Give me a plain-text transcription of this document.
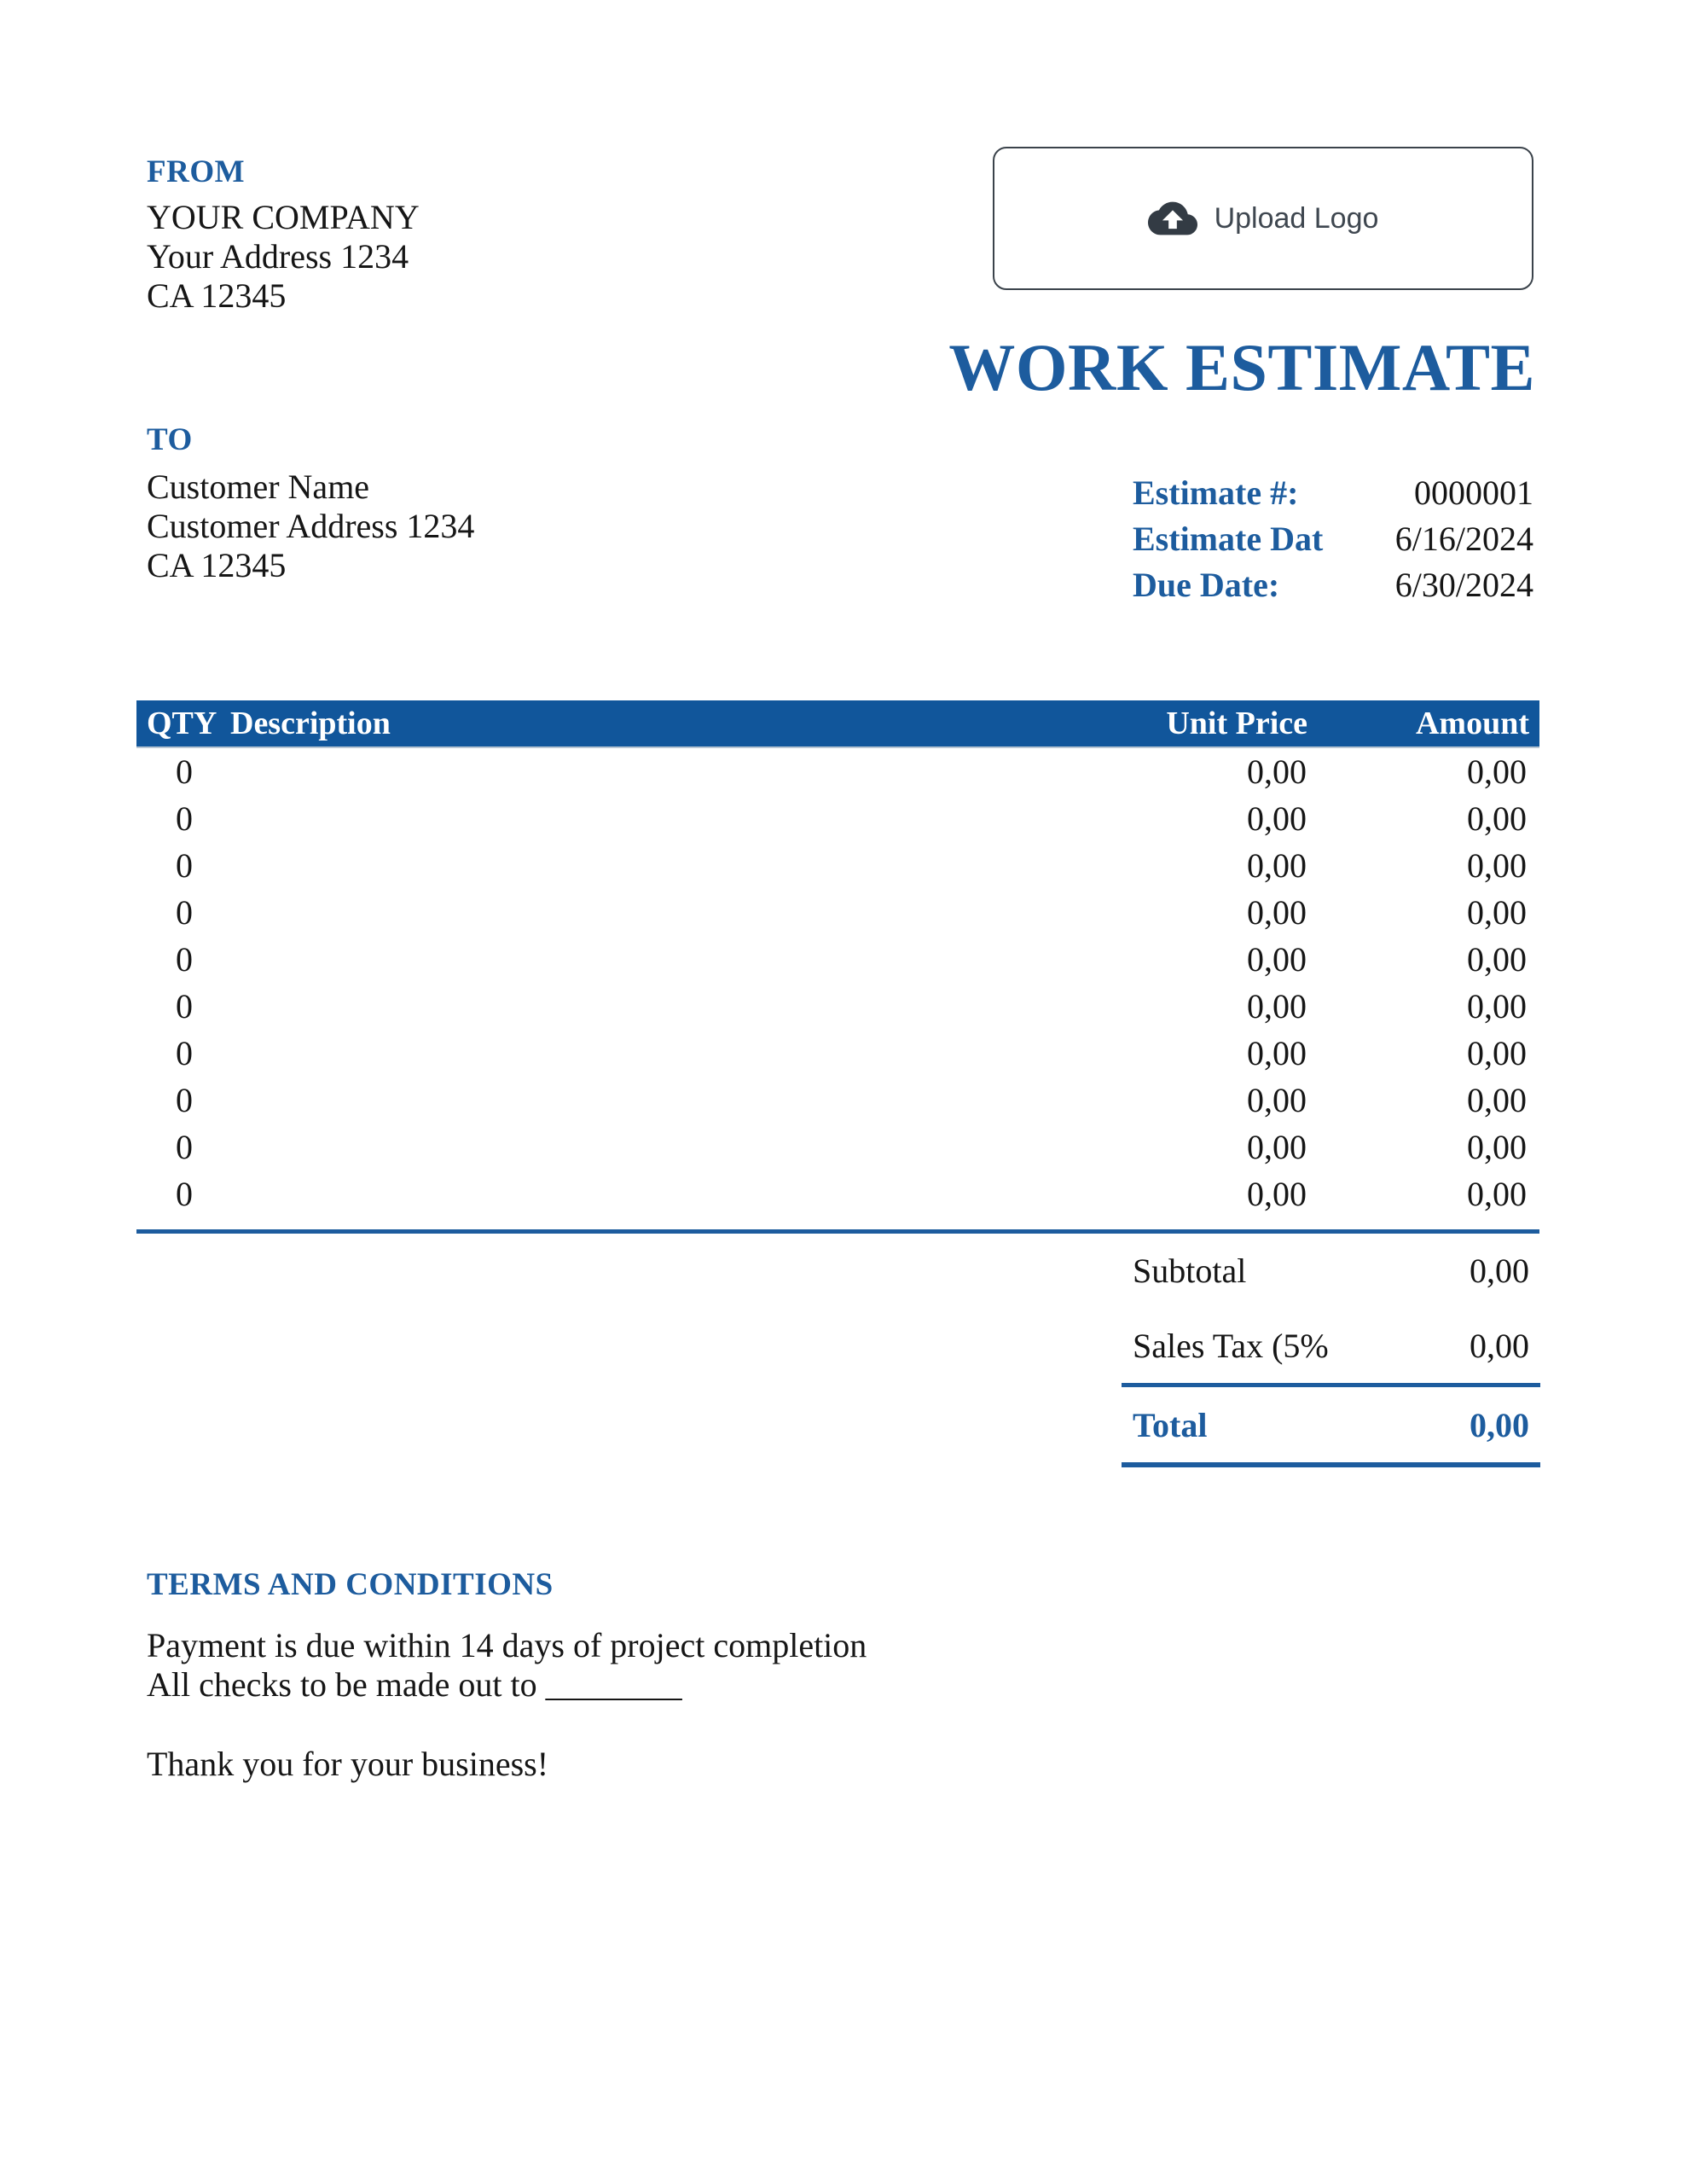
FROM
YOUR COMPANY
Your Address 1234
CA 12345
Upload Logo
WORK ESTIMATE
TO
Customer Name
Customer Address 1234
CA 12345
Estimate #:	0000001
Estimate Dat 6/16/2024
Due Date:	6/30/2024
QTY Description	Unit Price	Amount
0	0,00	0,00
0	0,00	0,00
0	0,00	0,00
0	0,00	0,00
0	0,00	0,00
0	0,00	0,00
0	0,00	0,00
0	0,00	0,00
0	0,00	0,00
0	0,00	0,00
Subtotal	0,00
Sales Tax (5%	0,00
Total	0,00
TERMS AND CONDITIONS
Payment is due within 14 days of project completion
All checks to be made out to ________
Thank you for your business!
